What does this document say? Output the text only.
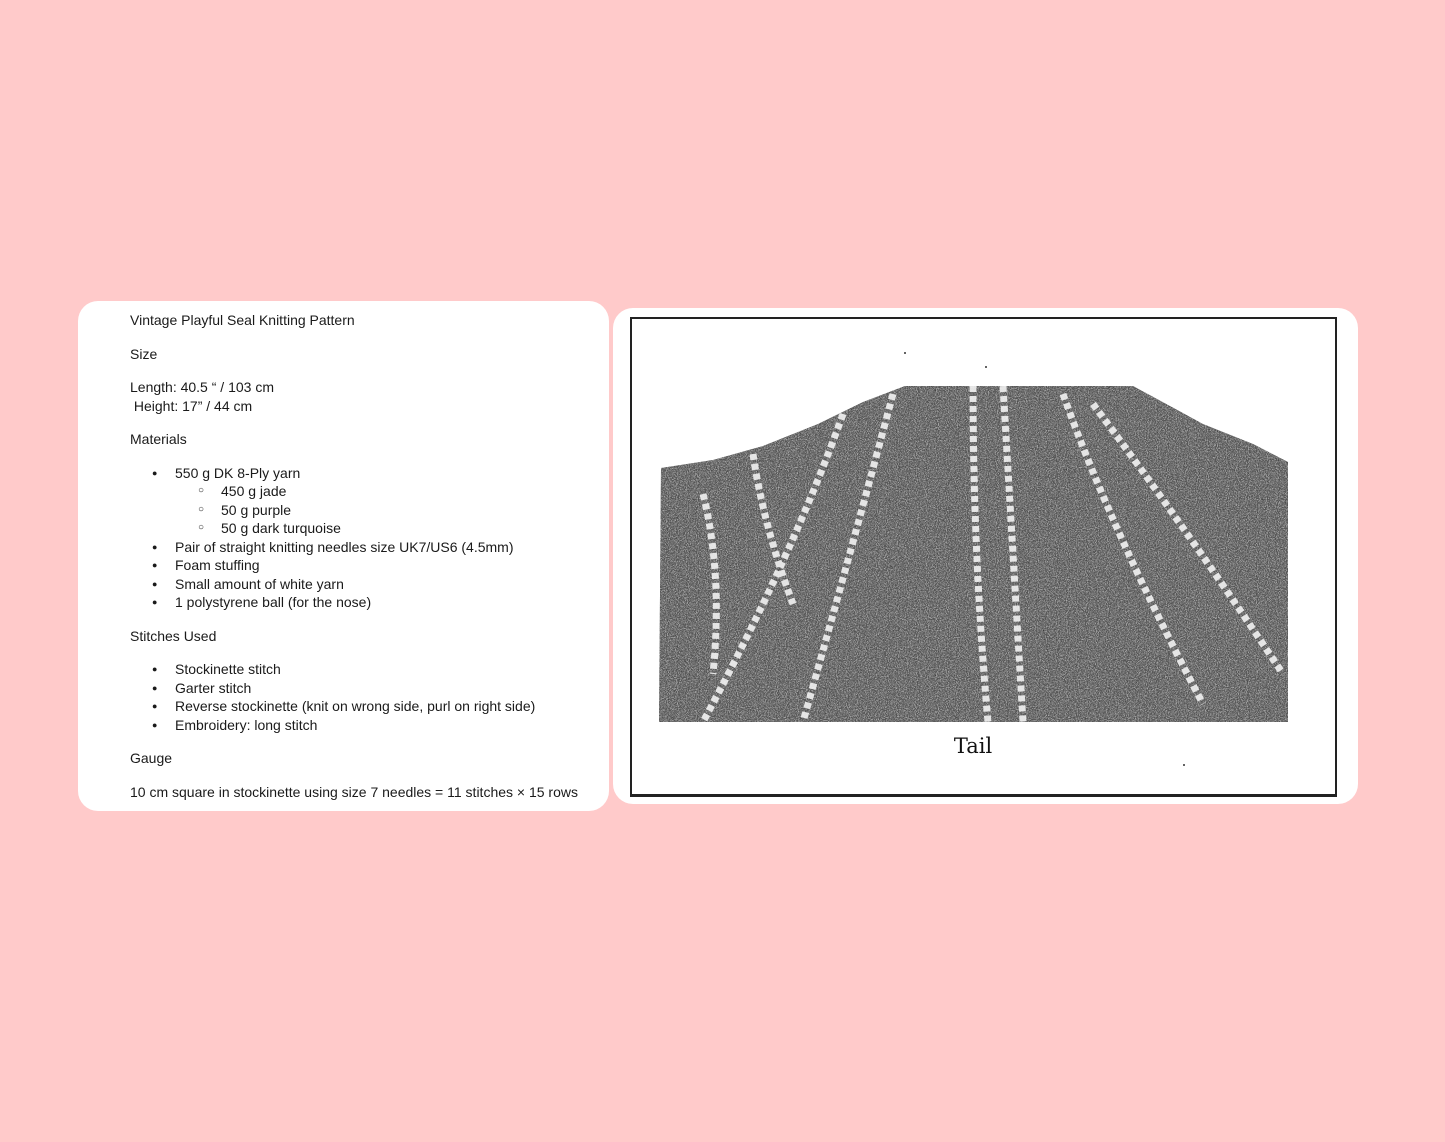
Vintage Playful Seal Knitting Pattern

Size

Length: 40.5 “ / 103 cm

Height: 17” / 44 cm

Materials

● 550 g DK 8-Ply yarn
○ 450 g jade
○ 50 g purple
○ 50 g dark turquoise
● Pair of straight knitting needles size UK7/US6 (4.5mm)
● Foam stuffing
● Small amount of white yarn
● 1 polystyrene ball (for the nose)

Stitches Used

● Stockinette stitch
● Garter stitch
● Reverse stockinette (knit on wrong side, purl on right side)
● Embroidery: long stitch

Gauge

10 cm square in stockinette using size 7 needles = 11 stitches × 15 rows

Tail
